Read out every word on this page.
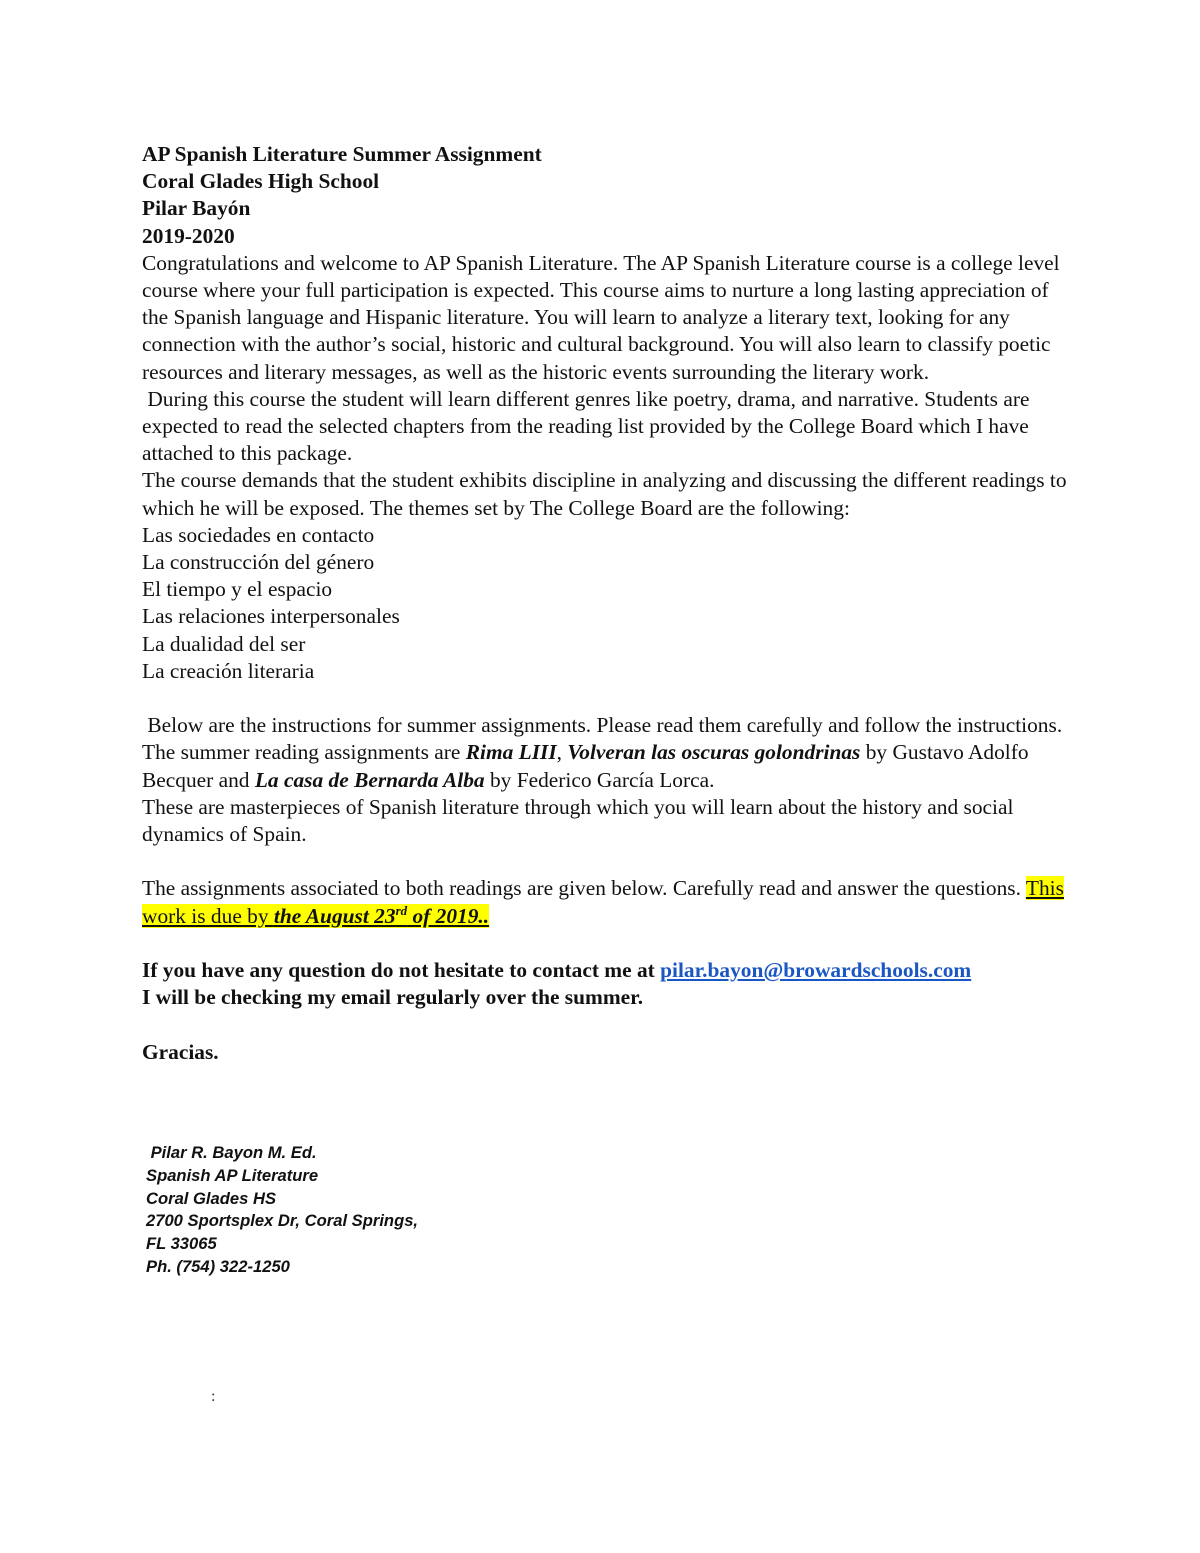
AP Spanish Literature Summer Assignment
Coral Glades High School
Pilar Bayón
2019-2020

Congratulations and welcome to AP Spanish Literature. The AP Spanish Literature course is a college level course where your full participation is expected. This course aims to nurture a long lasting appreciation of the Spanish language and Hispanic literature. You will learn to analyze a literary text, looking for any connection with the author’s social, historic and cultural background. You will also learn to classify poetic resources and literary messages, as well as the historic events surrounding the literary work.

During this course the student will learn different genres like poetry, drama, and narrative. Students are expected to read the selected chapters from the reading list provided by the College Board which I have attached to this package.

The course demands that the student exhibits discipline in analyzing and discussing the different readings to which he will be exposed. The themes set by The College Board are the following:

Las sociedades en contacto
La construcción del género
El tiempo y el espacio
Las relaciones interpersonales
La dualidad del ser
La creación literaria

Below are the instructions for summer assignments. Please read them carefully and follow the instructions.

The summer reading assignments are Rima LIII, Volveran las oscuras golondrinas by Gustavo Adolfo Becquer and La casa de Bernarda Alba by Federico García Lorca.

These are masterpieces of Spanish literature through which you will learn about the history and social dynamics of Spain.

The assignments associated to both readings are given below. Carefully read and answer the questions. This work is due by the August 23rd of 2019..

If you have any question do not hesitate to contact me at pilar.bayon@browardschools.com

I will be checking my email regularly over the summer.

Gracias.

Pilar R. Bayon M. Ed.
Spanish AP Literature
Coral Glades HS
2700 Sportsplex Dr, Coral Springs,
FL 33065
Ph. (754) 322-1250
:
